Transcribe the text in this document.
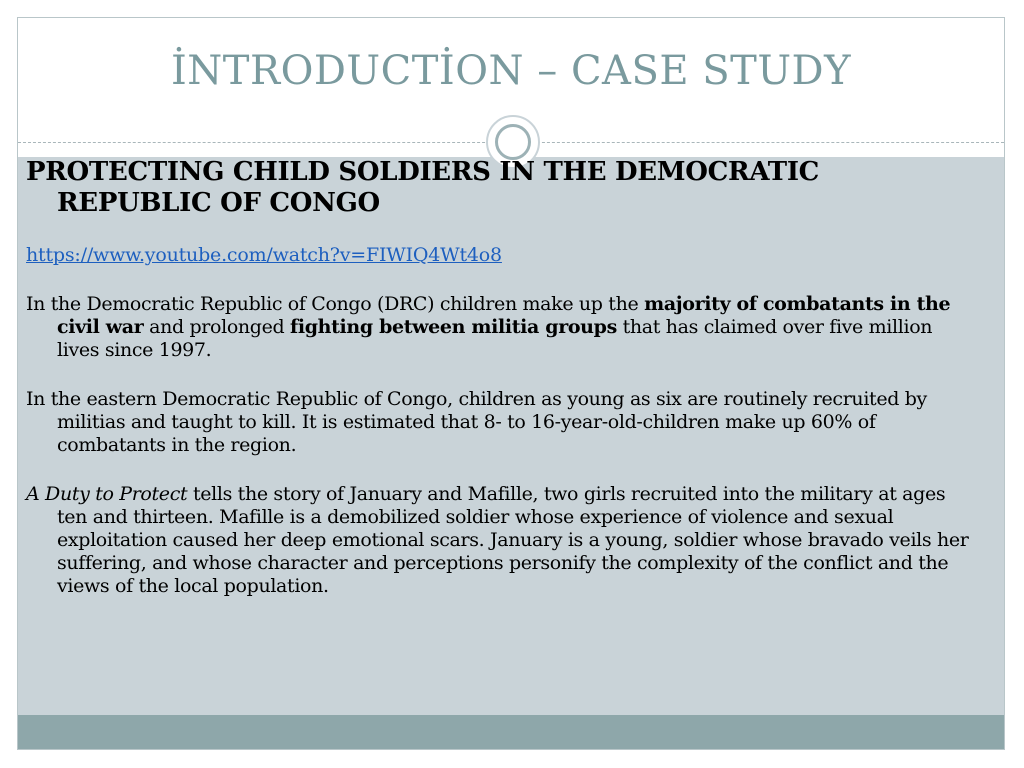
İNTRODUCTİON – CASE STUDY
PROTECTING CHILD SOLDIERS IN THE DEMOCRATIC REPUBLIC OF CONGO
https://www.youtube.com/watch?v=FIWIQ4Wt4o8
In the Democratic Republic of Congo (DRC) children make up the majority of combatants in the civil war and prolonged fighting between militia groups that has claimed over five million lives since 1997.
In the eastern Democratic Republic of Congo, children as young as six are routinely recruited by militias and taught to kill. It is estimated that 8- to 16-year-old-children make up 60% of combatants in the region.
A Duty to Protect tells the story of January and Mafille, two girls recruited into the military at ages ten and thirteen. Mafille is a demobilized soldier whose experience of violence and sexual exploitation caused her deep emotional scars. January is a young, soldier whose bravado veils her suffering, and whose character and perceptions personify the complexity of the conflict and the views of the local population.
